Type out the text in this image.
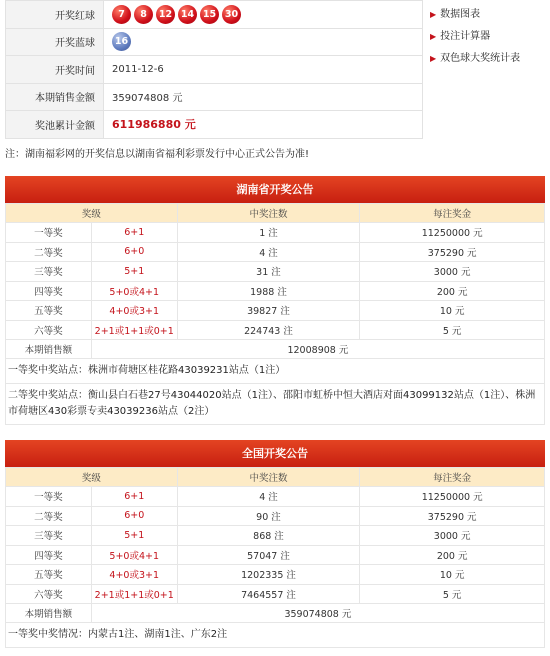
开奖红球	7 8 12 14 15 30
开奖蓝球	16
开奖时间	2011-12-6
本期销售金额	359074808 元
奖池累计金额	611986880 元
▶ 数据图表
▶ 投注计算器
▶ 双色球大奖统计表
注：湖南福彩网的开奖信息以湖南省福利彩票发行中心正式公告为准!
湖南省开奖公告
奖级		中奖注数	每注奖金
一等奖	6+1	1 注	11250000 元
二等奖	6+0	4 注	375290 元
三等奖	5+1	31 注	3000 元
四等奖	5+0或4+1	1988 注	200 元
五等奖	4+0或3+1	39827 注	10 元
六等奖	2+1或1+1或0+1	224743 注	5 元
本期销售额	12008908 元		

一等奖中奖站点：株洲市荷塘区桂花路43039231站点（1注）			

二等奖中奖站点：衡山县白石巷27号43044020站点（1注）、邵阳市虹桥中恒大酒店对面43099132站点（1注）、株洲市荷塘区430彩票专卖43039236站点（2注）			
全国开奖公告
奖级		中奖注数	每注奖金
一等奖	6+1	4 注	11250000 元
二等奖	6+0	90 注	375290 元
三等奖	5+1	868 注	3000 元
四等奖	5+0或4+1	57047 注	200 元
五等奖	4+0或3+1	1202335 注	10 元
六等奖	2+1或1+1或0+1	7464557 注	5 元
本期销售额	359074808 元		

一等奖中奖情况：内蒙古1注、湖南1注、广东2注			
